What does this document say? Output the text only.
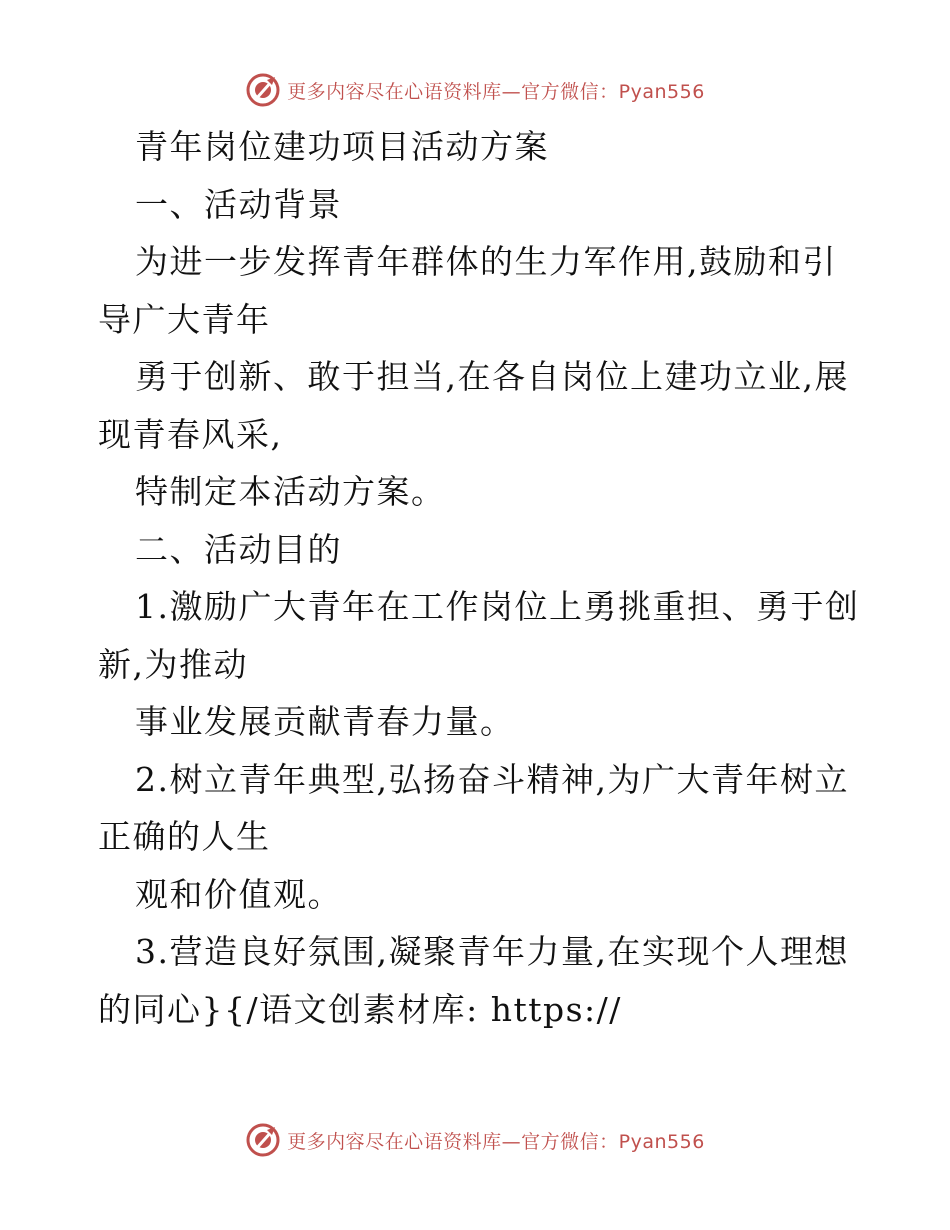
更多内容尽在心语资料库—官方微信：Pyan556
青年岗位建功项目活动方案
一、活动背景
为进一步发挥青年群体的生力军作用,鼓励和引
导广大青年
勇于创新、敢于担当,在各自岗位上建功立业,展
现青春风采,
特制定本活动方案。
二、活动目的
1.激励广大青年在工作岗位上勇挑重担、勇于创
新,为推动
事业发展贡献青春力量。
2.树立青年典型,弘扬奋斗精神,为广大青年树立
正确的人生
观和价值观。
3.营造良好氛围,凝聚青年力量,在实现个人理想
的同心}{/语文创素材库: https://
更多内容尽在心语资料库—官方微信：Pyan556
